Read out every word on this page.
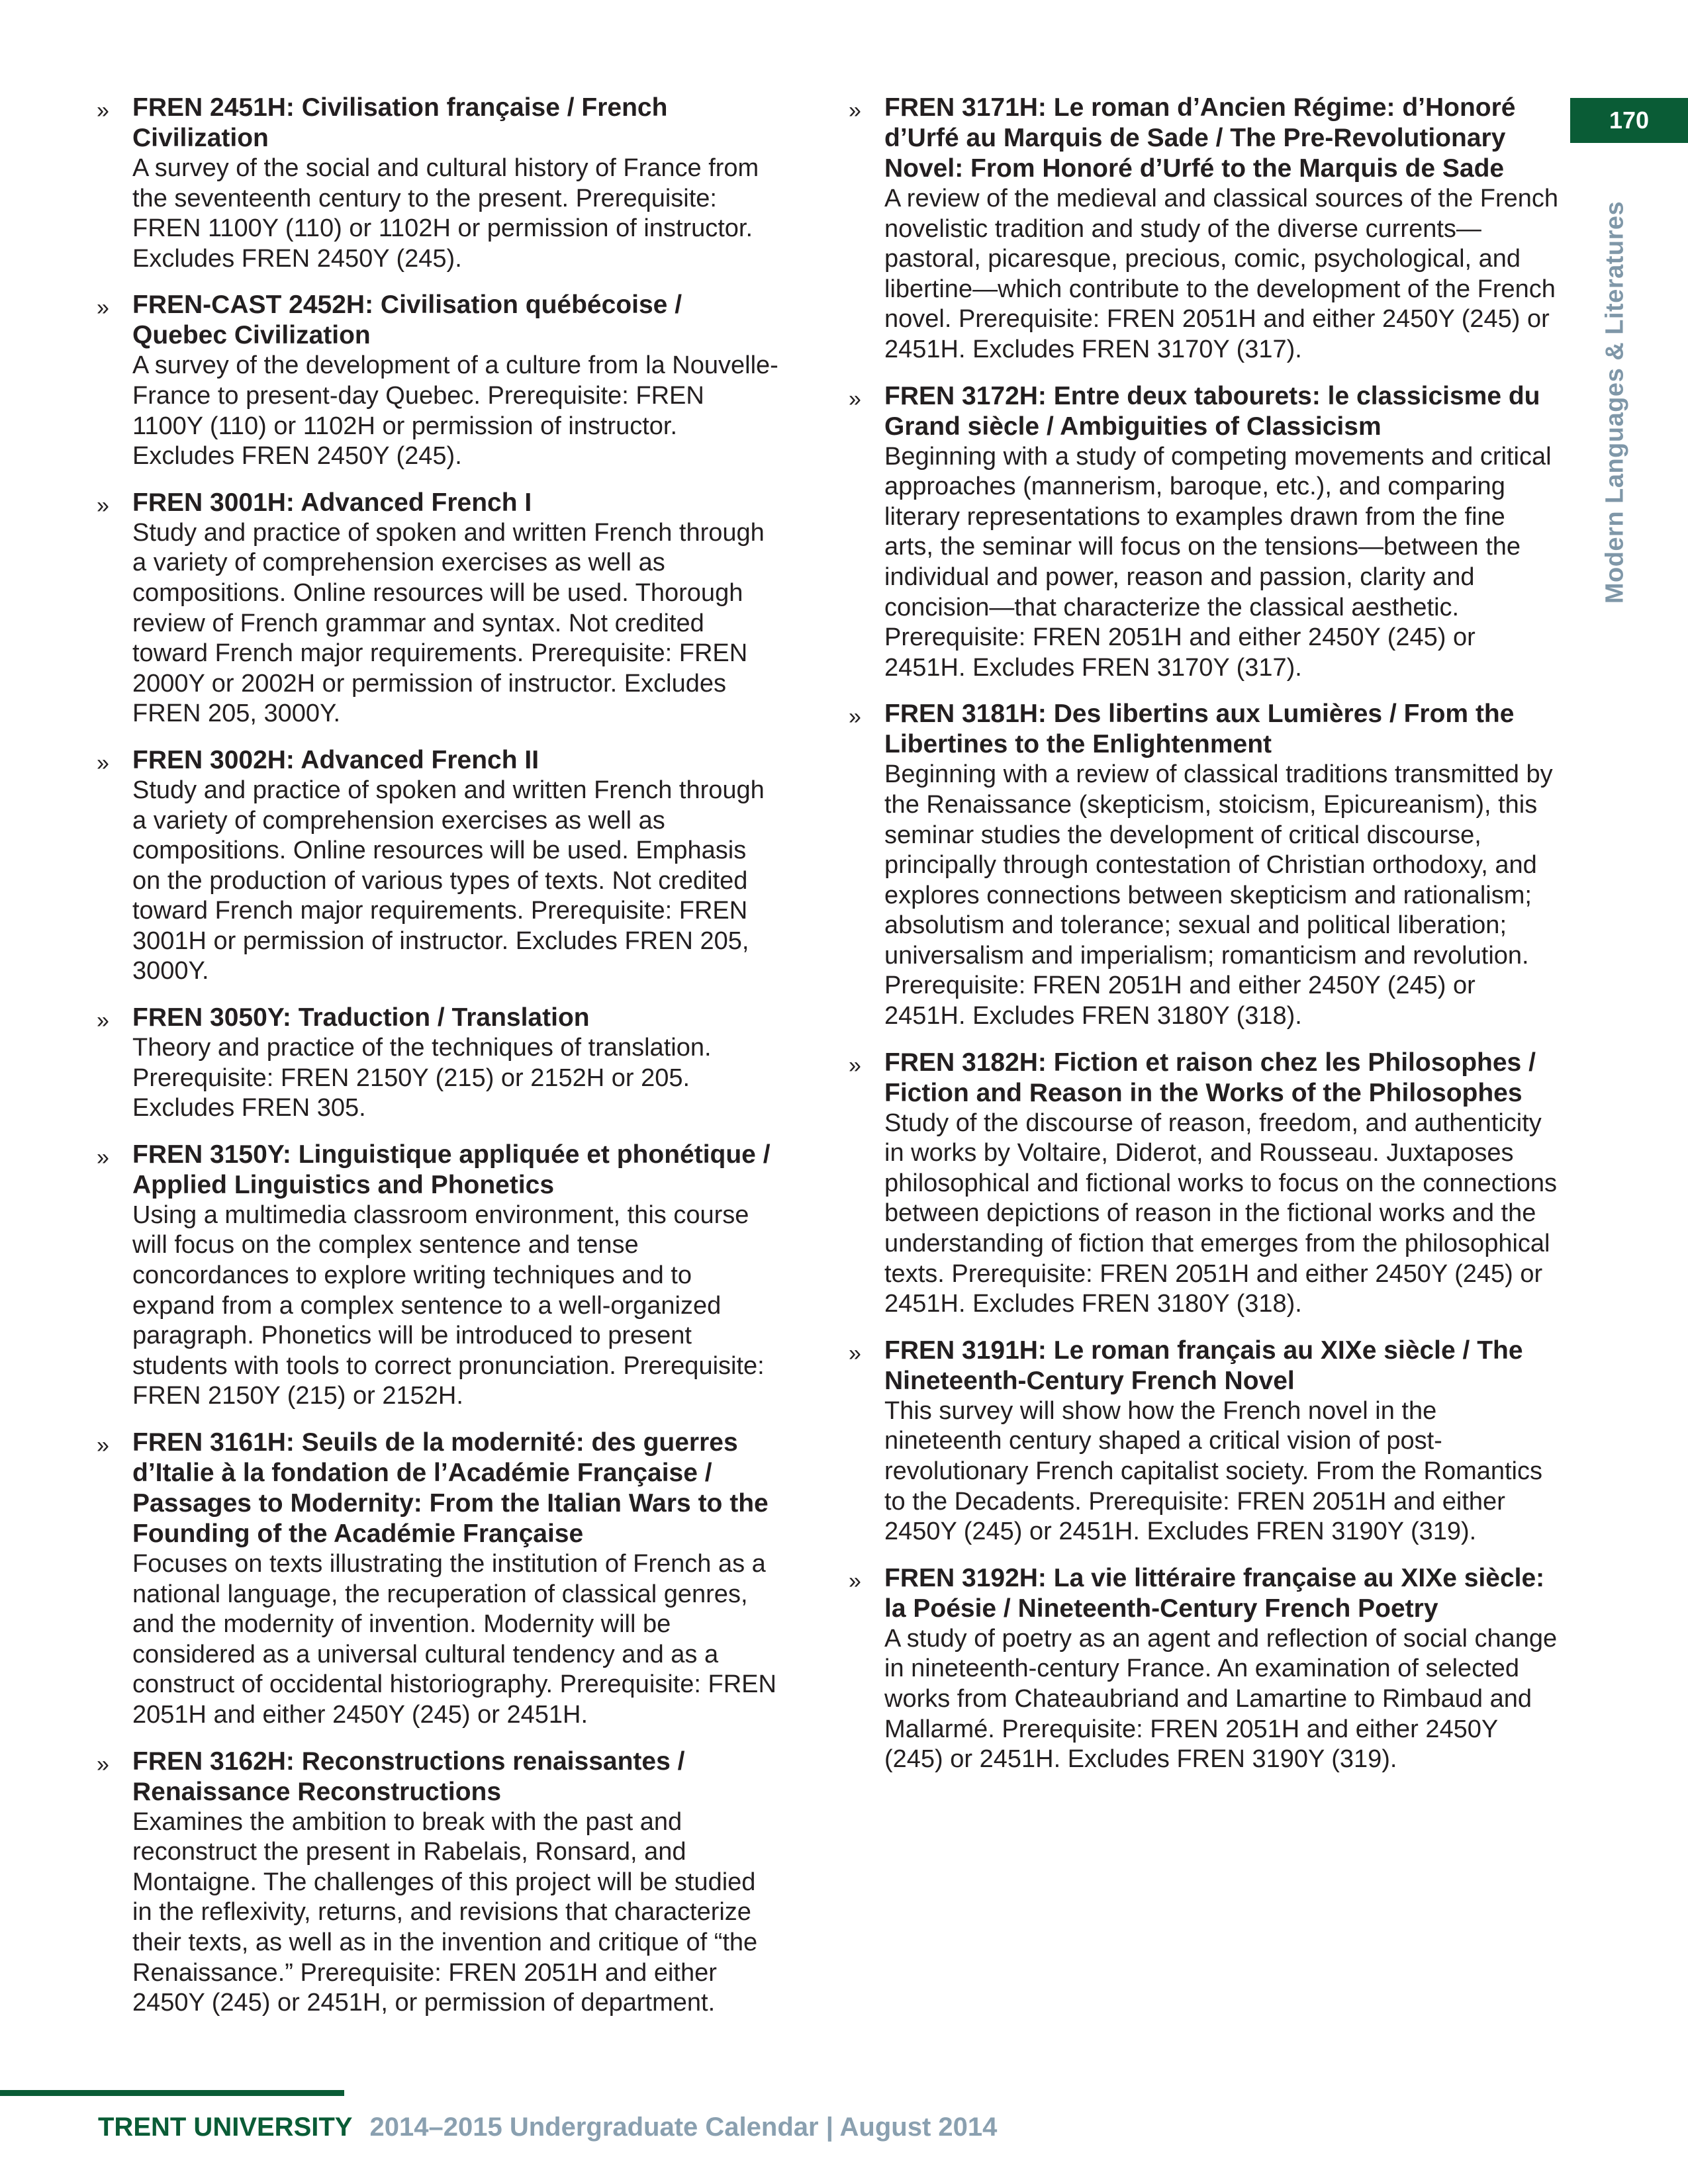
» FREN 2451H: Civilisation française / French Civilization

A survey of the social and cultural history of France from the seventeenth century to the present. Prerequisite: FREN 1100Y (110) or 1102H or permission of instructor. Excludes FREN 2450Y (245).

» FREN-CAST 2452H: Civilisation québécoise / Quebec Civilization

A survey of the development of a culture from la Nouvelle-France to present-day Quebec. Prerequisite: FREN 1100Y (110) or 1102H or permission of instructor. Excludes FREN 2450Y (245).

» FREN 3001H: Advanced French I

Study and practice of spoken and written French through a variety of comprehension exercises as well as compositions. Online resources will be used. Thorough review of French grammar and syntax. Not credited toward French major requirements. Prerequisite: FREN 2000Y or 2002H or permission of instructor. Excludes FREN 205, 3000Y.

» FREN 3002H: Advanced French II

Study and practice of spoken and written French through a variety of comprehension exercises as well as compositions. Online resources will be used. Emphasis on the production of various types of texts. Not credited toward French major requirements. Prerequisite: FREN 3001H or permission of instructor. Excludes FREN 205, 3000Y.

» FREN 3050Y: Traduction / Translation

Theory and practice of the techniques of translation. Prerequisite: FREN 2150Y (215) or 2152H or 205. Excludes FREN 305.

» FREN 3150Y: Linguistique appliquée et phonétique / Applied Linguistics and Phonetics

Using a multimedia classroom environment, this course will focus on the complex sentence and tense concordances to explore writing techniques and to expand from a complex sentence to a well-organized paragraph. Phonetics will be introduced to present students with tools to correct pronunciation. Prerequisite: FREN 2150Y (215) or 2152H.

» FREN 3161H: Seuils de la modernité: des guerres d’Italie à la fondation de l’Académie Française / Passages to Modernity: From the Italian Wars to the Founding of the Académie Française

Focuses on texts illustrating the institution of French as a national language, the recuperation of classical genres, and the modernity of invention. Modernity will be considered as a universal cultural tendency and as a construct of occidental historiography. Prerequisite: FREN 2051H and either 2450Y (245) or 2451H.

» FREN 3162H: Reconstructions renaissantes / Renaissance Reconstructions

Examines the ambition to break with the past and reconstruct the present in Rabelais, Ronsard, and Montaigne. The challenges of this project will be studied in the reflexivity, returns, and revisions that characterize their texts, as well as in the invention and critique of “the Renaissance.” Prerequisite: FREN 2051H and either 2450Y (245) or 2451H, or permission of department.

» FREN 3171H: Le roman d’Ancien Régime: d’Honoré d’Urfé au Marquis de Sade / The Pre-Revolutionary Novel: From Honoré d’Urfé to the Marquis de Sade

A review of the medieval and classical sources of the French novelistic tradition and study of the diverse currents—pastoral, picaresque, precious, comic, psychological, and libertine—which contribute to the development of the French novel. Prerequisite: FREN 2051H and either 2450Y (245) or 2451H. Excludes FREN 3170Y (317).

» FREN 3172H: Entre deux tabourets: le classicisme du Grand siècle / Ambiguities of Classicism

Beginning with a study of competing movements and critical approaches (mannerism, baroque, etc.), and comparing literary representations to examples drawn from the fine arts, the seminar will focus on the tensions—between the individual and power, reason and passion, clarity and concision—that characterize the classical aesthetic. Prerequisite: FREN 2051H and either 2450Y (245) or 2451H. Excludes FREN 3170Y (317).

» FREN 3181H: Des libertins aux Lumières / From the Libertines to the Enlightenment

Beginning with a review of classical traditions transmitted by the Renaissance (skepticism, stoicism, Epicureanism), this seminar studies the development of critical discourse, principally through contestation of Christian orthodoxy, and explores connections between skepticism and rationalism; absolutism and tolerance; sexual and political liberation; universalism and imperialism; romanticism and revolution. Prerequisite: FREN 2051H and either 2450Y (245) or 2451H. Excludes FREN 3180Y (318).

» FREN 3182H: Fiction et raison chez les Philosophes / Fiction and Reason in the Works of the Philosophes

Study of the discourse of reason, freedom, and authenticity in works by Voltaire, Diderot, and Rousseau. Juxtaposes philosophical and fictional works to focus on the connections between depictions of reason in the fictional works and the understanding of fiction that emerges from the philosophical texts. Prerequisite: FREN 2051H and either 2450Y (245) or 2451H. Excludes FREN 3180Y (318).

» FREN 3191H: Le roman français au XIXe siècle / The Nineteenth-Century French Novel

This survey will show how the French novel in the nineteenth century shaped a critical vision of post-revolutionary French capitalist society. From the Romantics to the Decadents. Prerequisite: FREN 2051H and either 2450Y (245) or 2451H. Excludes FREN 3190Y (319).

» FREN 3192H: La vie littéraire française au XIXe siècle: la Poésie / Nineteenth-Century French Poetry

A study of poetry as an agent and reflection of social change in nineteenth-century France. An examination of selected works from Chateaubriand and Lamartine to Rimbaud and Mallarmé. Prerequisite: FREN 2051H and either 2450Y (245) or 2451H. Excludes FREN 3190Y (319).

170
Modern Languages & Literatures
TRENT UNIVERSITY 2014–2015 Undergraduate Calendar | August 2014
